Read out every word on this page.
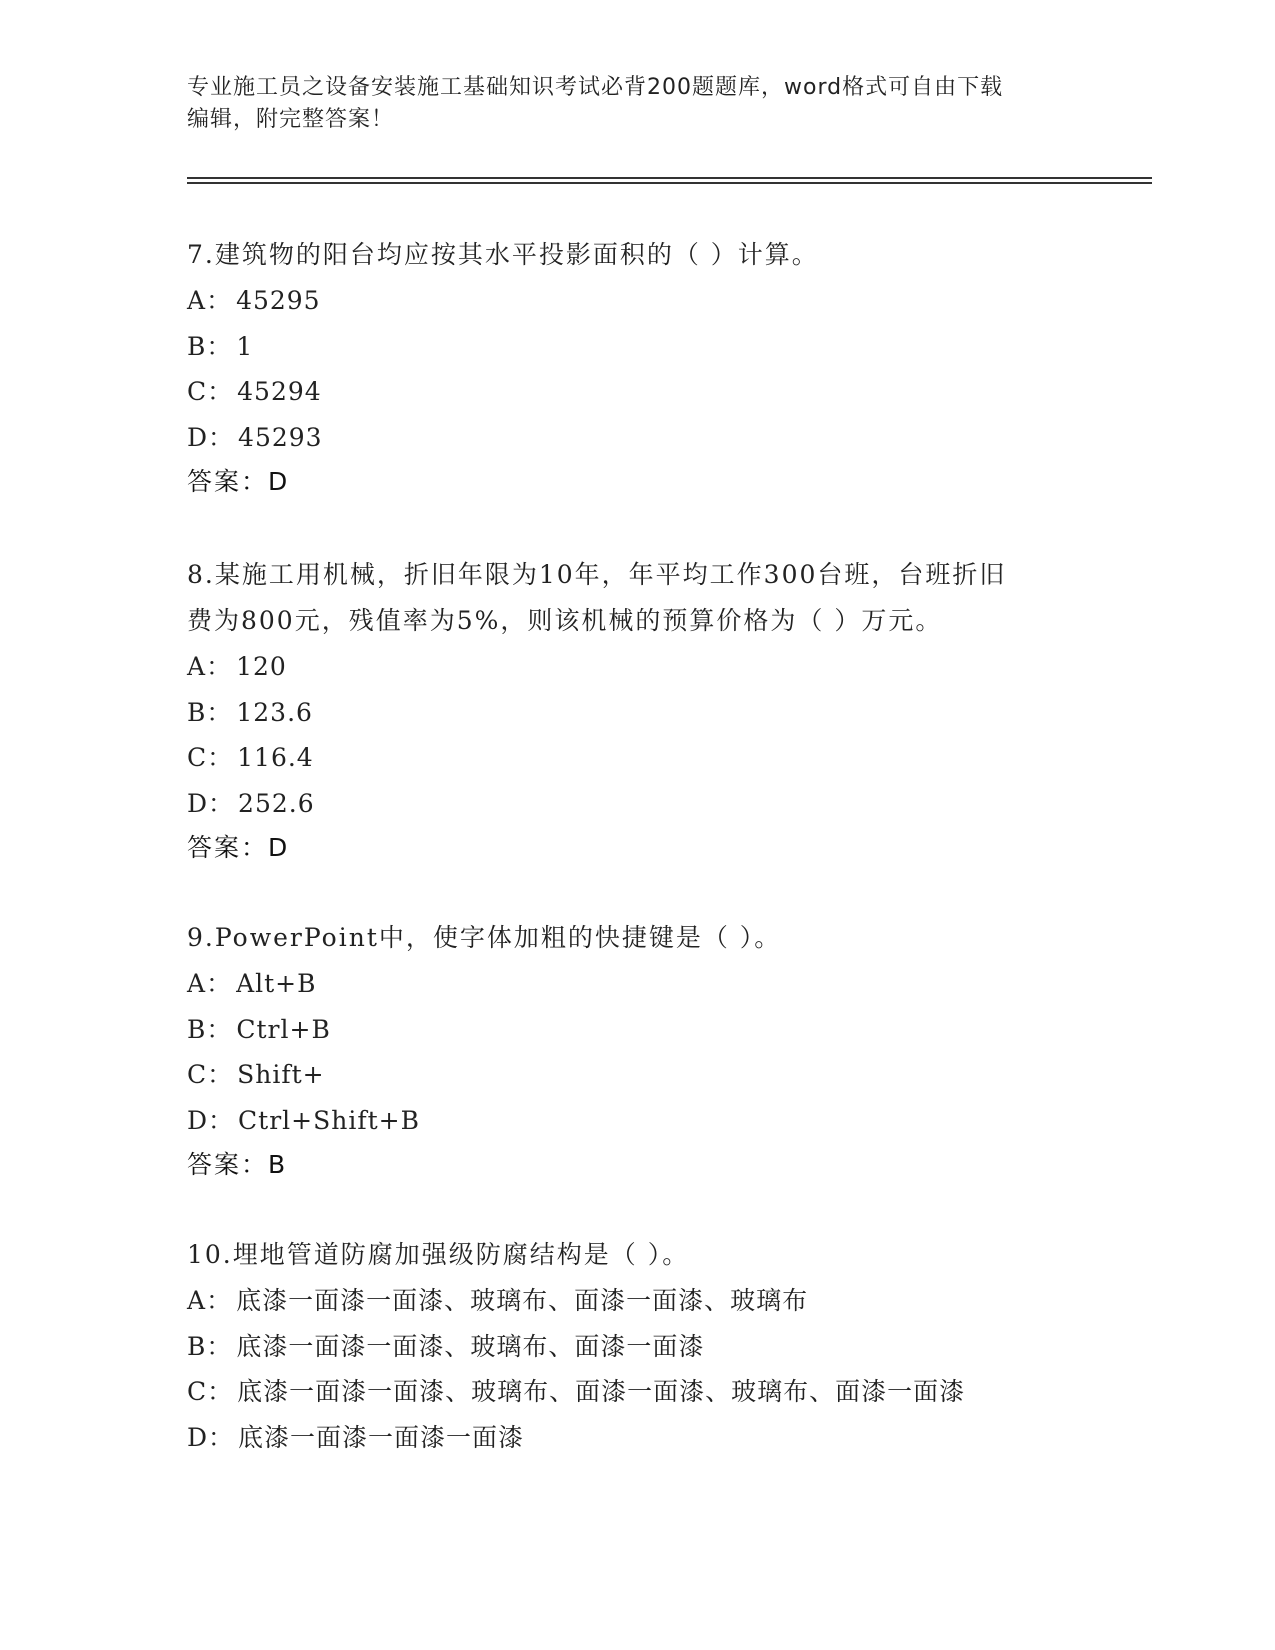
专业施工员之设备安装施工基础知识考试必背200题题库，word格式可自由下载
编辑，附完整答案！
7.建筑物的阳台均应按其水平投影面积的（ ）计算。
A ： 45295
B ： 1
C ： 45294
D ： 45293
答案：D
8.某施工用机械，折旧年限为10年，年平均工作300台班，台班折旧
费为800元，残值率为5%，则该机械的预算价格为（ ）万元。
A ： 120
B ： 123.6
C ： 116.4
D ： 252.6
答案：D
9.PowerPoint中，使字体加粗的快捷键是（ ）。
A ： Alt+B
B ： Ctrl+B
C ： Shift+
D ： Ctrl+Shift+B
答案：B
10.埋地管道防腐加强级防腐结构是（ ）。
A ： 底漆一面漆一面漆、玻璃布、面漆一面漆、玻璃布
B ： 底漆一面漆一面漆、玻璃布、面漆一面漆
C ： 底漆一面漆一面漆、玻璃布、面漆一面漆、玻璃布、面漆一面漆
D ： 底漆一面漆一面漆一面漆
